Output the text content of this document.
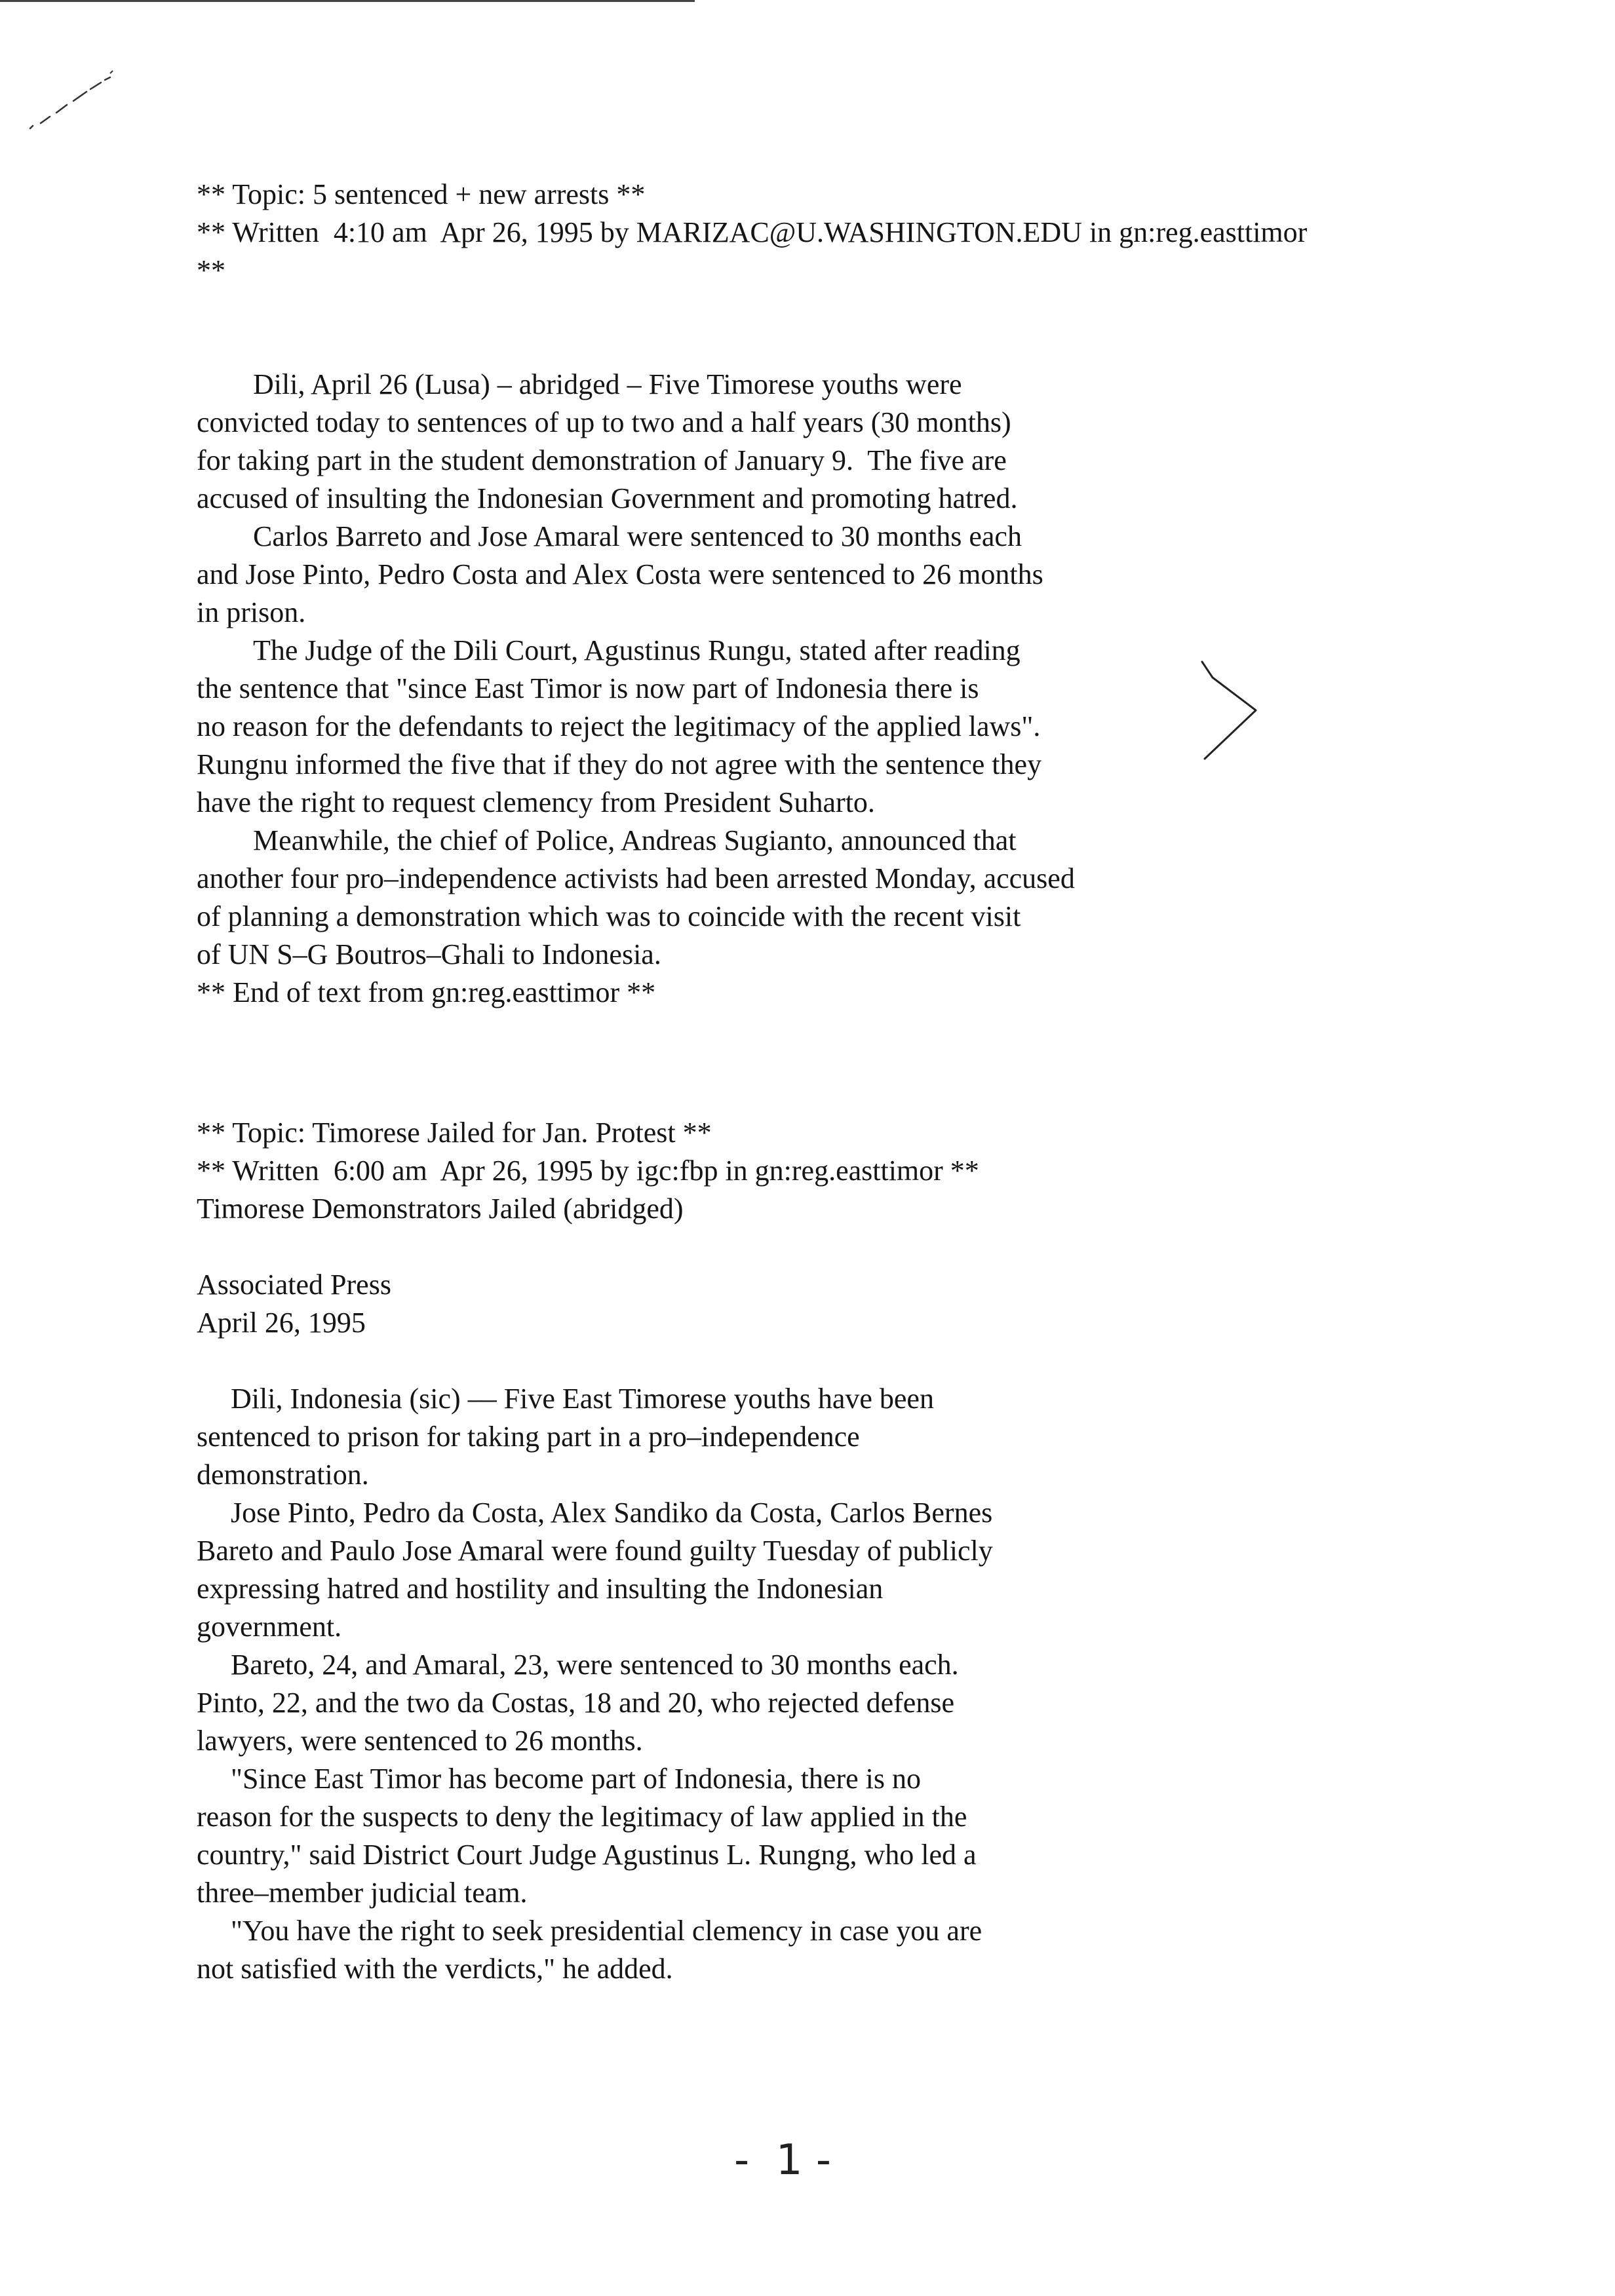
** Topic: 5 sentenced + new arrests **
** Written  4:10 am  Apr 26, 1995 by MARIZAC@U.WASHINGTON.EDU in gn:reg.easttimor
**
Dili, April 26 (Lusa) – abridged – Five Timorese youths were
convicted today to sentences of up to two and a half years (30 months)
for taking part in the student demonstration of January 9.  The five are
accused of insulting the Indonesian Government and promoting hatred.
Carlos Barreto and Jose Amaral were sentenced to 30 months each
and Jose Pinto, Pedro Costa and Alex Costa were sentenced to 26 months
in prison.
The Judge of the Dili Court, Agustinus Rungu, stated after reading
the sentence that "since East Timor is now part of Indonesia there is
no reason for the defendants to reject the legitimacy of the applied laws".
Rungnu informed the five that if they do not agree with the sentence they
have the right to request clemency from President Suharto.
Meanwhile, the chief of Police, Andreas Sugianto, announced that
another four pro–independence activists had been arrested Monday, accused
of planning a demonstration which was to coincide with the recent visit
of UN S–G Boutros–Ghali to Indonesia.
** End of text from gn:reg.easttimor **
** Topic: Timorese Jailed for Jan. Protest **
** Written  6:00 am  Apr 26, 1995 by igc:fbp in gn:reg.easttimor **
Timorese Demonstrators Jailed (abridged)
Associated Press
April 26, 1995
Dili, Indonesia (sic) –– Five East Timorese youths have been
sentenced to prison for taking part in a pro–independence
demonstration.
Jose Pinto, Pedro da Costa, Alex Sandiko da Costa, Carlos Bernes
Bareto and Paulo Jose Amaral were found guilty Tuesday of publicly
expressing hatred and hostility and insulting the Indonesian
government.
Bareto, 24, and Amaral, 23, were sentenced to 30 months each.
Pinto, 22, and the two da Costas, 18 and 20, who rejected defense
lawyers, were sentenced to 26 months.
"Since East Timor has become part of Indonesia, there is no
reason for the suspects to deny the legitimacy of law applied in the
country," said District Court Judge Agustinus L. Rungng, who led a
three–member judicial team.
"You have the right to seek presidential clemency in case you are
not satisfied with the verdicts," he added.
-  1 -
